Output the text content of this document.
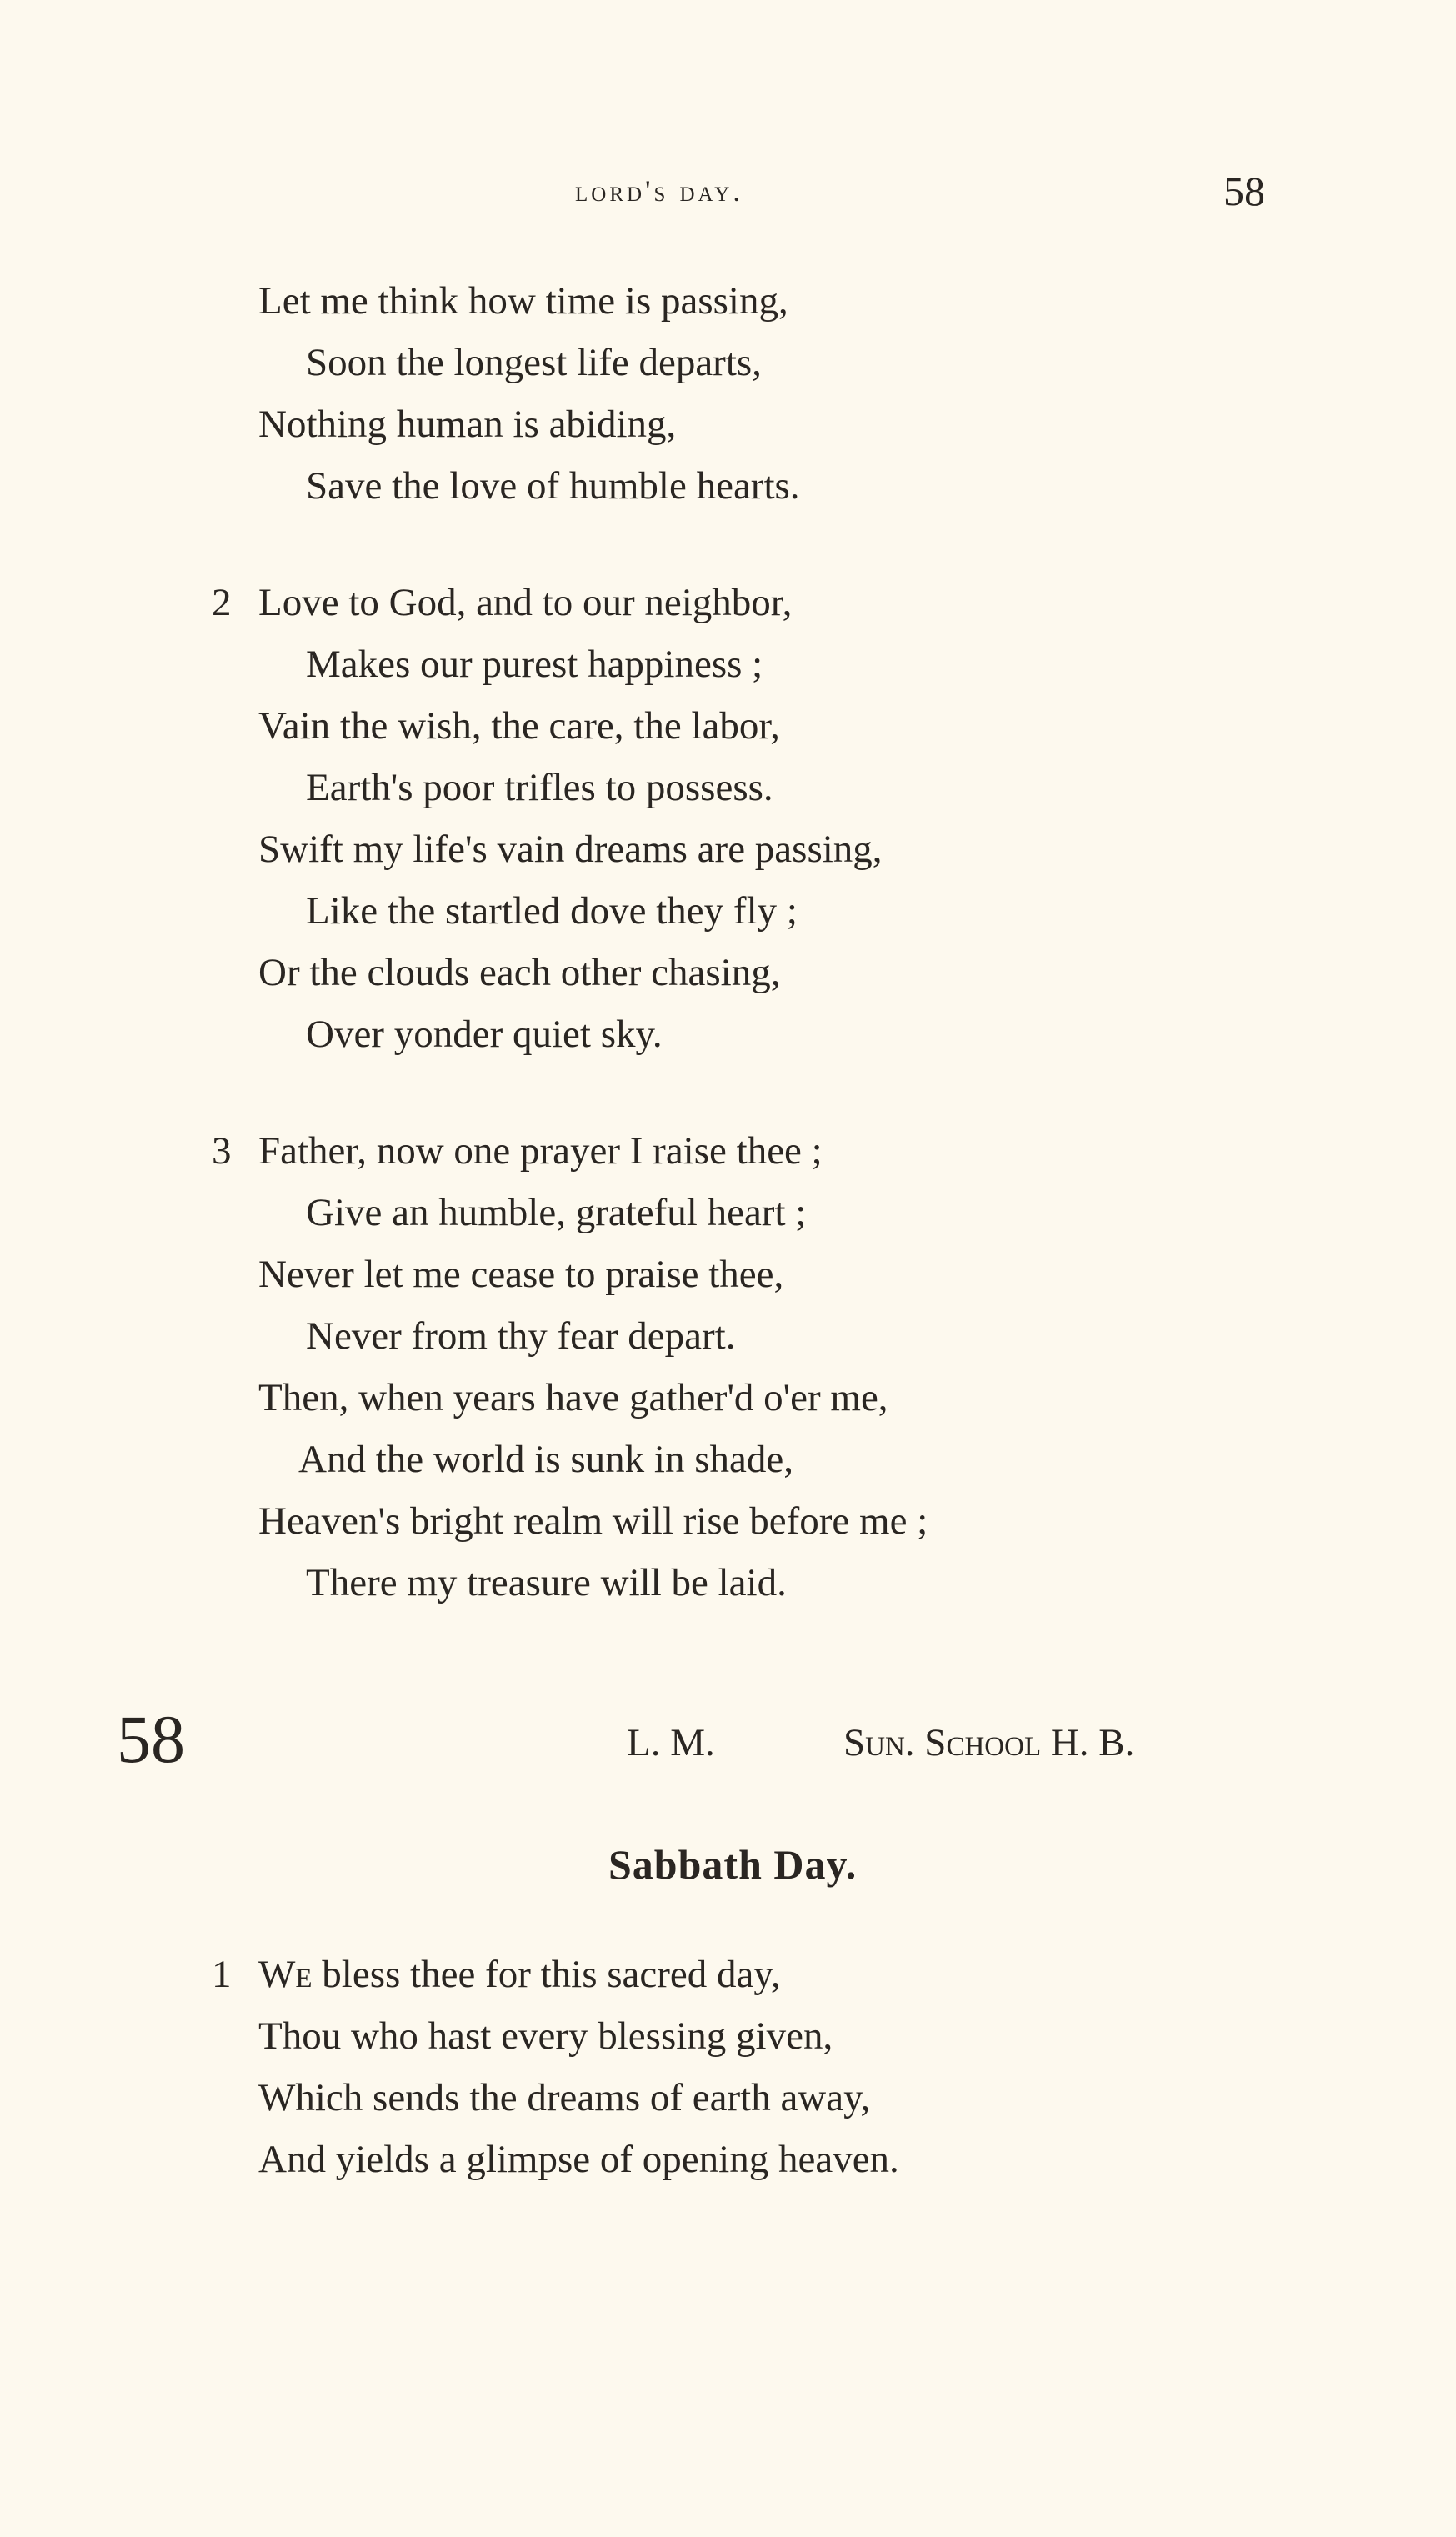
lord's day.	58
Let me think how time is passing,
Soon the longest life departs,
Nothing human is abiding,
Save the love of humble hearts.
2 Love to God, and to our neighbor,
Makes our purest happiness ;
Vain the wish, the care, the labor,
Earth's poor trifles to possess.
Swift my life's vain dreams are passing,
Like the startled dove they fly ;
Or the clouds each other chasing,
Over yonder quiet sky.
3 Father, now one prayer I raise thee ;
Give an humble, grateful heart ;
Never let me cease to praise thee,
Never from thy fear depart.
Then, when years have gather'd o'er me,
And the world is sunk in shade,
Heaven's bright realm will rise before me ;
There my treasure will be laid.
58	L. M.	Sun. School H. B.
Sabbath Day.
1 We bless thee for this sacred day,
Thou who hast every blessing given,
Which sends the dreams of earth away,
And yields a glimpse of opening heaven.
